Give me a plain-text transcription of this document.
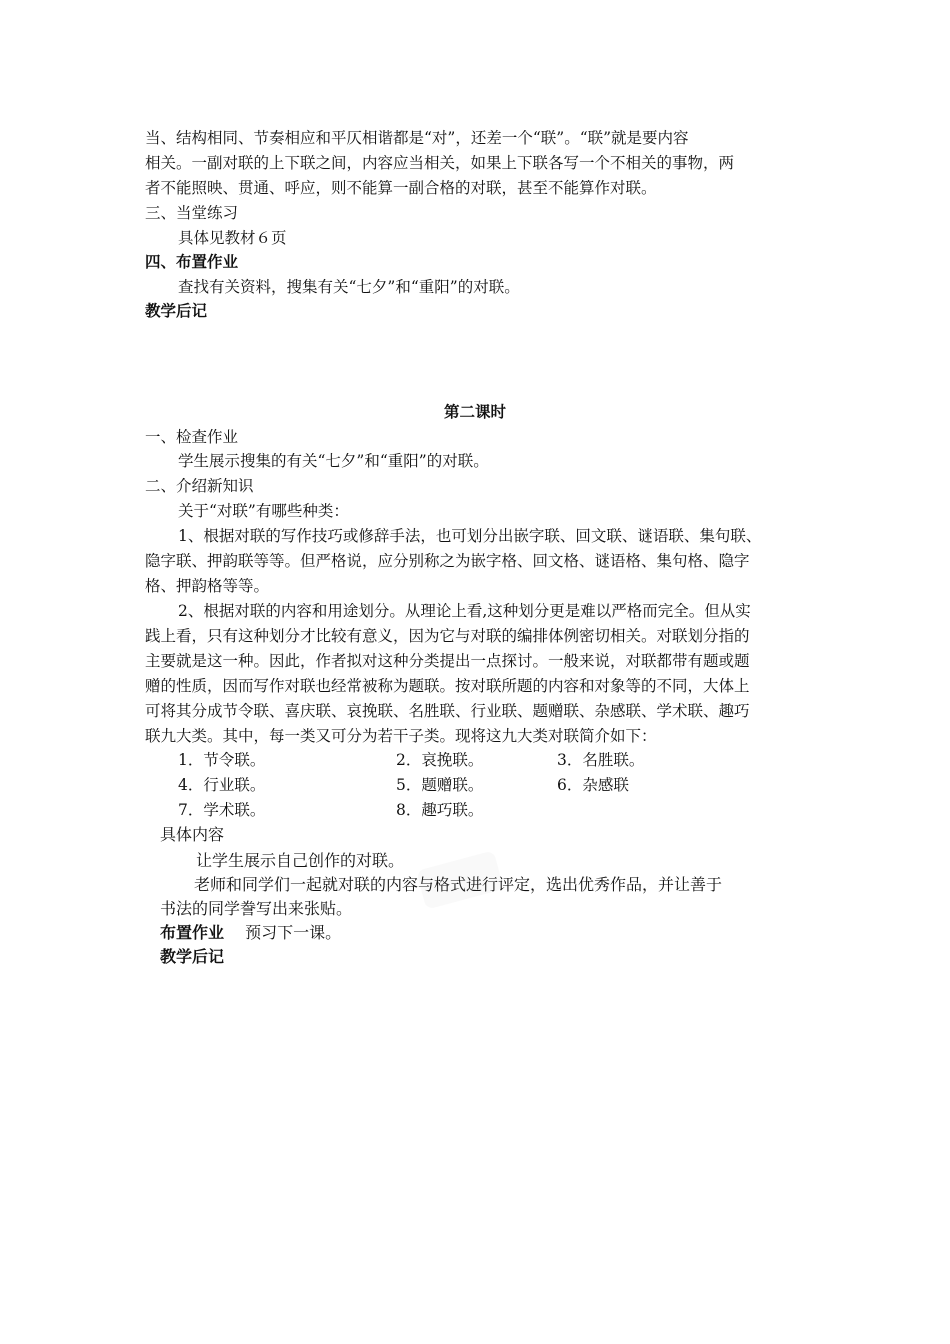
当、结构相同、节奏相应和平仄相谐都是“对”，还差一个“联”。“联”就是要内容
相关。一副对联的上下联之间，内容应当相关，如果上下联各写一个不相关的事物，两
者不能照映、贯通、呼应，则不能算一副合格的对联，甚至不能算作对联。
三、当堂练习
具体见教材６页
四、布置作业
查找有关资料，搜集有关“七夕”和“重阳”的对联。
教学后记
第二课时
一、检查作业
学生展示搜集的有关“七夕”和“重阳”的对联。
二、介绍新知识
关于“对联”有哪些种类：
1、根据对联的写作技巧或修辞手法，也可划分出嵌字联、回文联、谜语联、集句联、
隐字联、押韵联等等。但严格说，应分别称之为嵌字格、回文格、谜语格、集句格、隐字
格、押韵格等等。
2、根据对联的内容和用途划分。从理论上看,这种划分更是难以严格而完全。但从实
践上看，只有这种划分才比较有意义，因为它与对联的编排体例密切相关。对联划分指的
主要就是这一种。因此，作者拟对这种分类提出一点探讨。一般来说，对联都带有题或题
赠的性质，因而写作对联也经常被称为题联。按对联所题的内容和对象等的不同，大体上
可将其分成节令联、喜庆联、哀挽联、名胜联、行业联、题赠联、杂感联、学术联、趣巧
联九大类。其中，每一类又可分为若干子类。现将这九大类对联简介如下：
1．节令联。	2．哀挽联。	3．名胜联。
4．行业联。	5．题赠联。	6．杂感联
7．学术联。	8．趣巧联。
具体内容
让学生展示自己创作的对联。
老师和同学们一起就对联的内容与格式进行评定，选出优秀作品，并让善于
书法的同学誊写出来张贴。
布置作业 预习下一课。
教学后记
